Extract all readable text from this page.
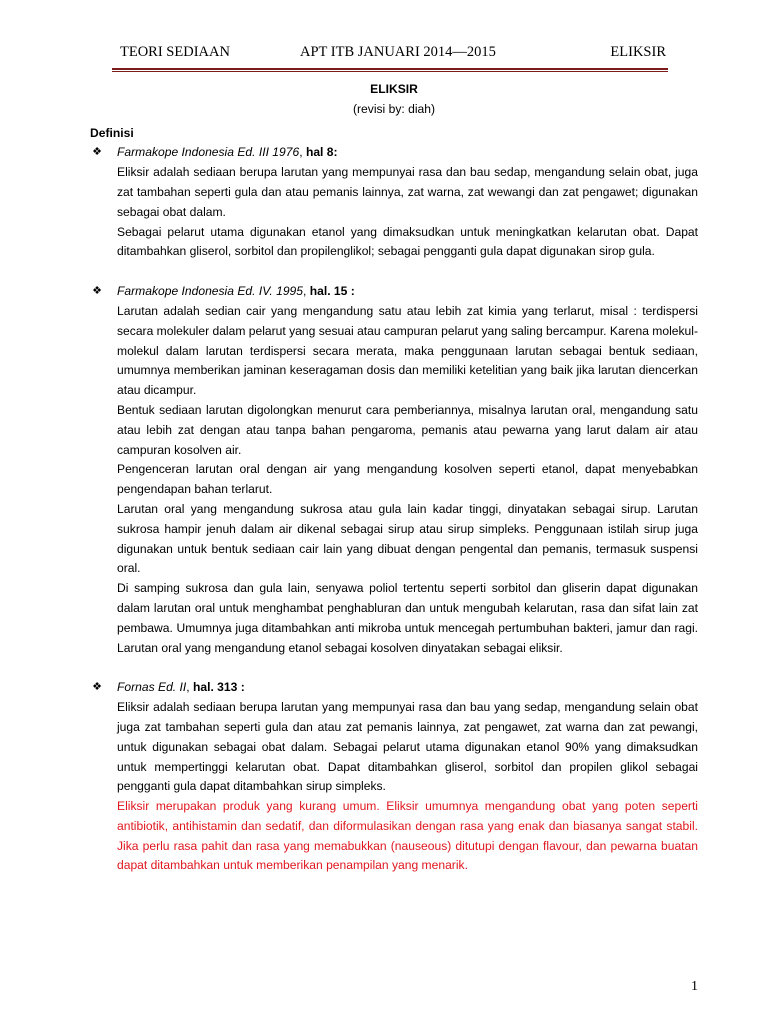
TEORI SEDIAAN	APT ITB JANUARI 2014—2015	ELIKSIR

ELIKSIR

(revisi by: diah)

Definisi

❖ Farmakope Indonesia Ed. III 1976, hal 8:

Eliksir adalah sediaan berupa larutan yang mempunyai rasa dan bau sedap, mengandung selain obat, juga zat tambahan seperti gula dan atau pemanis lainnya, zat warna, zat wewangi dan zat pengawet; digunakan sebagai obat dalam.

Sebagai pelarut utama digunakan etanol yang dimaksudkan untuk meningkatkan kelarutan obat. Dapat ditambahkan gliserol, sorbitol dan propilenglikol; sebagai pengganti gula dapat digunakan sirop gula.

❖ Farmakope Indonesia Ed. IV. 1995, hal. 15 :

Larutan adalah sedian cair yang mengandung satu atau lebih zat kimia yang terlarut, misal : terdispersi secara molekuler dalam pelarut yang sesuai atau campuran pelarut yang saling bercampur. Karena molekul-molekul dalam larutan terdispersi secara merata, maka penggunaan larutan sebagai bentuk sediaan, umumnya memberikan jaminan keseragaman dosis dan memiliki ketelitian yang baik jika larutan diencerkan atau dicampur.

Bentuk sediaan larutan digolongkan menurut cara pemberiannya, misalnya larutan oral, mengandung satu atau lebih zat dengan atau tanpa bahan pengaroma, pemanis atau pewarna yang larut dalam air atau campuran kosolven air.

Pengenceran larutan oral dengan air yang mengandung kosolven seperti etanol, dapat menyebabkan pengendapan bahan terlarut.

Larutan oral yang mengandung sukrosa atau gula lain kadar tinggi, dinyatakan sebagai sirup. Larutan sukrosa hampir jenuh dalam air dikenal sebagai sirup atau sirup simpleks. Penggunaan istilah sirup juga digunakan untuk bentuk sediaan cair lain yang dibuat dengan pengental dan pemanis, termasuk suspensi oral.

Di samping sukrosa dan gula lain, senyawa poliol tertentu seperti sorbitol dan gliserin dapat digunakan dalam larutan oral untuk menghambat penghabluran dan untuk mengubah kelarutan, rasa dan sifat lain zat pembawa. Umumnya juga ditambahkan anti mikroba untuk mencegah pertumbuhan bakteri, jamur dan ragi. Larutan oral yang mengandung etanol sebagai kosolven dinyatakan sebagai eliksir.

❖ Fornas Ed. II, hal. 313 :

Eliksir adalah sediaan berupa larutan yang mempunyai rasa dan bau yang sedap, mengandung selain obat juga zat tambahan seperti gula dan atau zat pemanis lainnya, zat pengawet, zat warna dan zat pewangi, untuk digunakan sebagai obat dalam. Sebagai pelarut utama digunakan etanol 90% yang dimaksudkan untuk mempertinggi kelarutan obat. Dapat ditambahkan gliserol, sorbitol dan propilen glikol sebagai pengganti gula dapat ditambahkan sirup simpleks.

Eliksir merupakan produk yang kurang umum. Eliksir umumnya mengandung obat yang poten seperti antibiotik, antihistamin dan sedatif, dan diformulasikan dengan rasa yang enak dan biasanya sangat stabil. Jika perlu rasa pahit dan rasa yang memabukkan (nauseous) ditutupi dengan flavour, dan pewarna buatan dapat ditambahkan untuk memberikan penampilan yang menarik.

1
